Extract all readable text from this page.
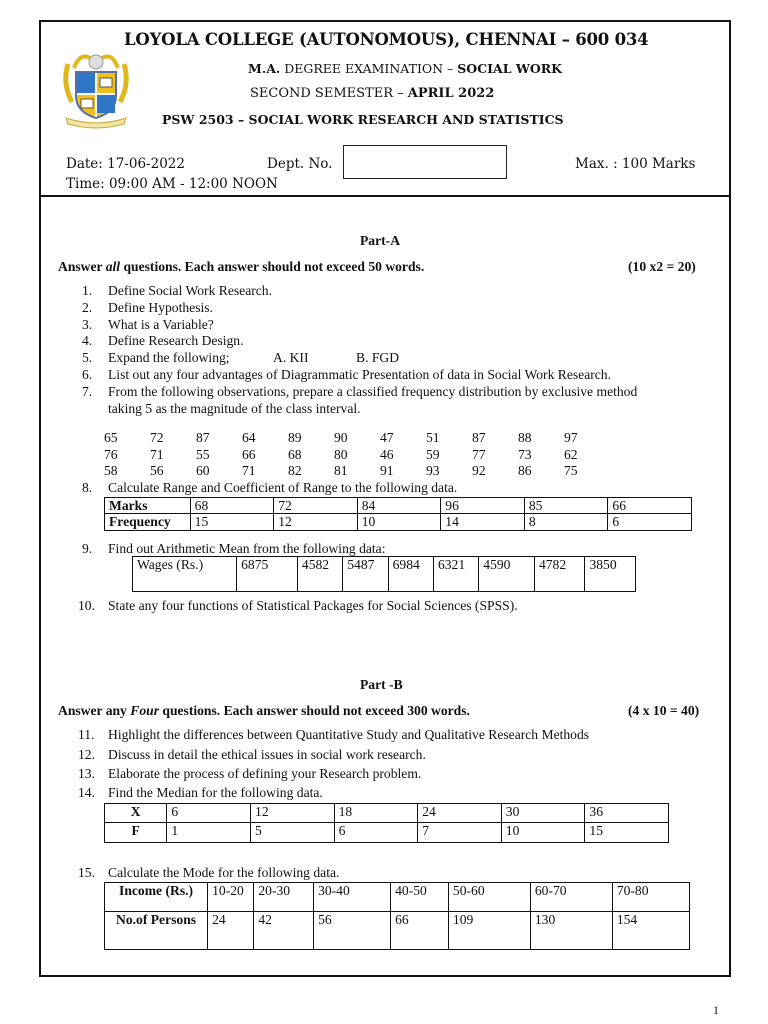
LOYOLA COLLEGE (AUTONOMOUS), CHENNAI – 600 034
M.A. DEGREE EXAMINATION – SOCIAL WORK
SECOND SEMESTER – APRIL 2022
PSW 2503 – SOCIAL WORK RESEARCH AND STATISTICS
Date: 17-06-2022	Dept. No.	Max. : 100 Marks
Time: 09:00 AM - 12:00 NOON
Part-A
Answer all questions. Each answer should not exceed 50 words.	(10 x2 = 20)
1. Define Social Work Research.
2. Define Hypothesis.
3. What is a Variable?
4. Define Research Design.
5. Expand the following;	A. KII	B. FGD
6. List out any four advantages of Diagrammatic Presentation of data in Social Work Research.
7. From the following observations, prepare a classified frequency distribution by exclusive method
taking 5 as the magnitude of the class interval.
65 72 87 64 89 90 47 51 87 88 97
76 71 55 66 68 80 46 59 77 73 62
58 56 60 71 82 81 91 93 92 86 75
8. Calculate Range and Coefficient of Range to the following data.
Marks	68	72	84	96	85	66
Frequency	15	12	10	14	8	6
9. Find out Arithmetic Mean from the following data:
Wages (Rs.)	6875	4582	5487	6984	6321	4590	4782	3850
10. State any four functions of Statistical Packages for Social Sciences (SPSS).
Part -B
Answer any Four questions. Each answer should not exceed 300 words.	(4 x 10 = 40)
11. Highlight the differences between Quantitative Study and Qualitative Research Methods
12. Discuss in detail the ethical issues in social work research.
13. Elaborate the process of defining your Research problem.
14. Find the Median for the following data.
X	6	12	18	24	30	36
F	1	5	6	7	10	15
15. Calculate the Mode for the following data.
Income (Rs.)	10-20	20-30	30-40	40-50	50-60	60-70	70-80
No.of Persons	24	42	56	66	109	130	154
1
